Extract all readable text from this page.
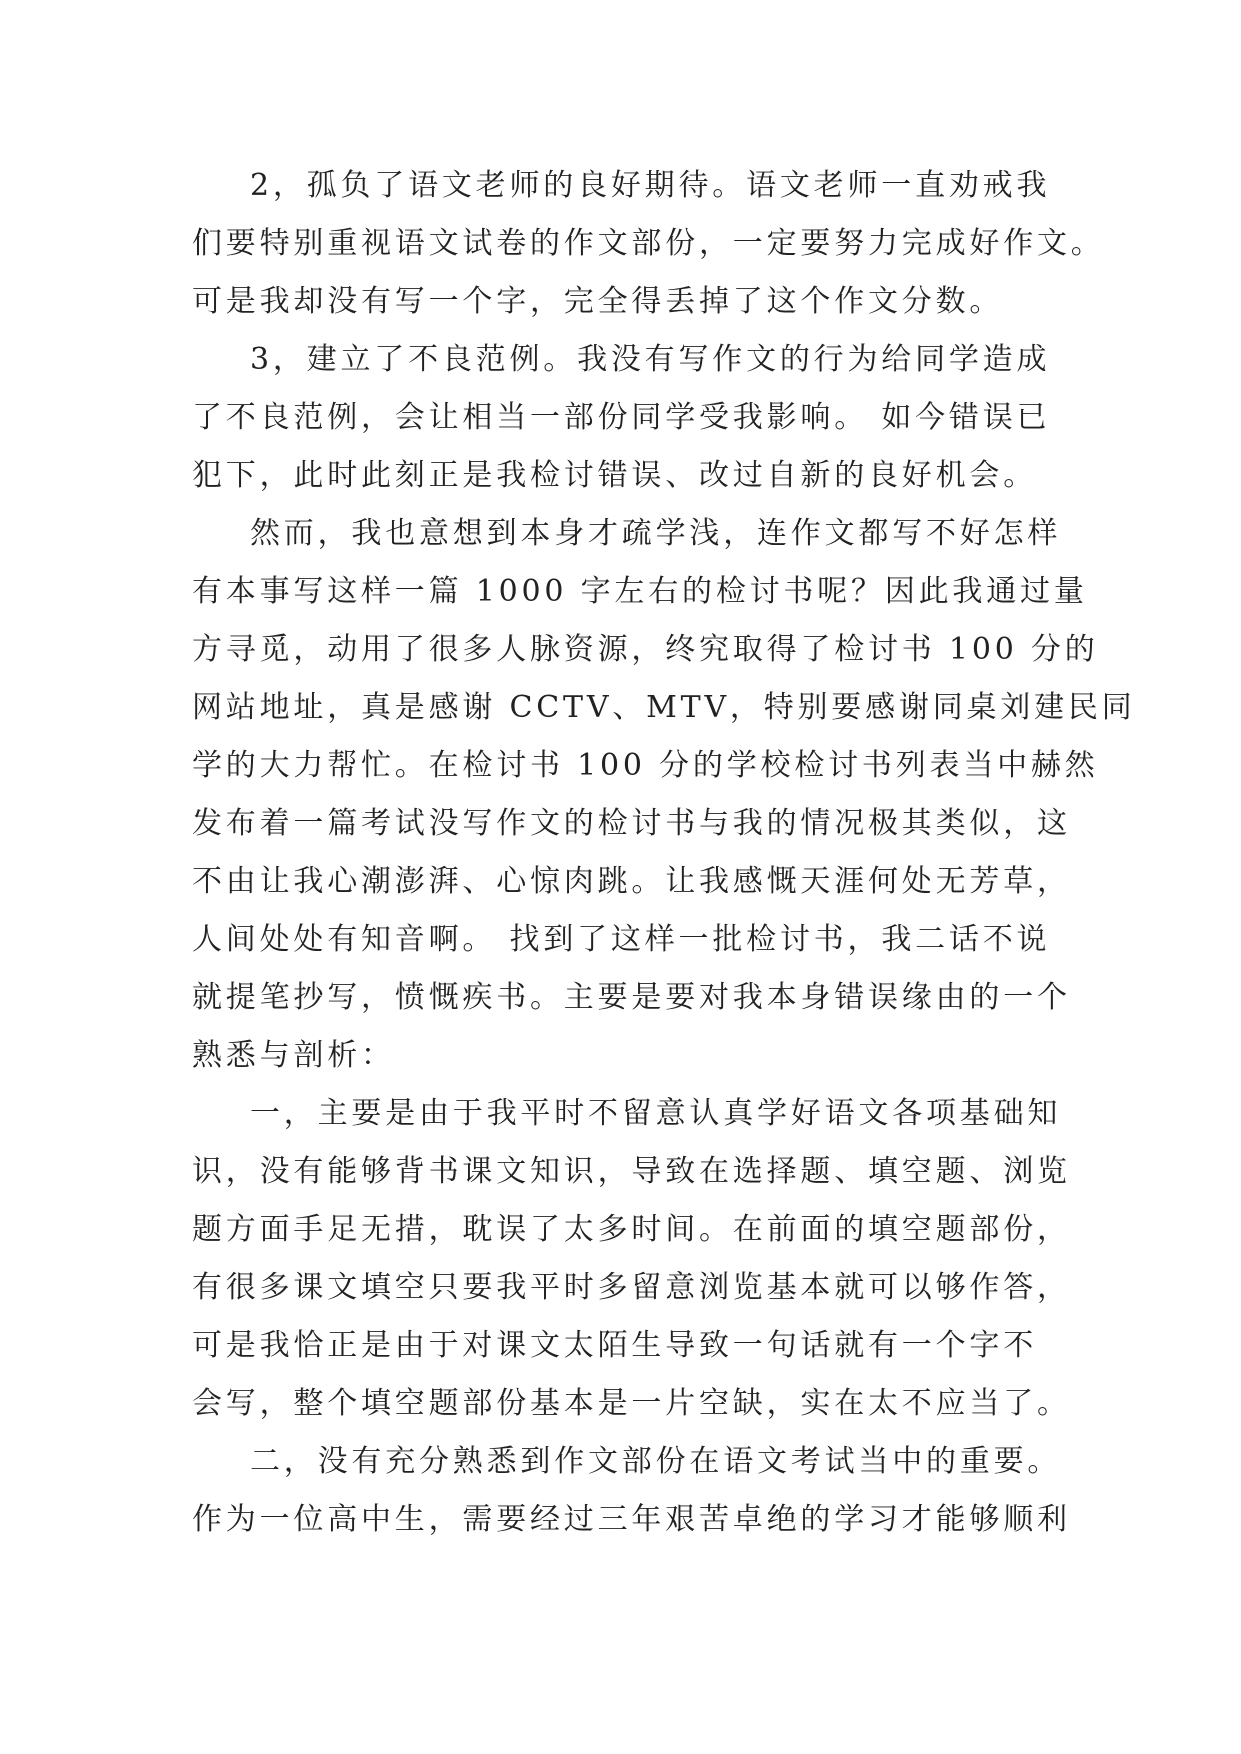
2，孤负了语文老师的良好期待。语文老师一直劝戒我
们要特别重视语文试卷的作文部份，一定要努力完成好作文。
可是我却没有写一个字，完全得丢掉了这个作文分数。
3，建立了不良范例。我没有写作文的行为给同学造成
了不良范例，会让相当一部份同学受我影响。 如今错误已
犯下，此时此刻正是我检讨错误、改过自新的良好机会。
然而，我也意想到本身才疏学浅，连作文都写不好怎样
有本事写这样一篇 1000 字左右的检讨书呢？因此我通过量
方寻觅，动用了很多人脉资源，终究取得了检讨书 100 分的
网站地址，真是感谢 CCTV、MTV，特别要感谢同桌刘建民同
学的大力帮忙。在检讨书 100 分的学校检讨书列表当中赫然
发布着一篇考试没写作文的检讨书与我的情况极其类似，这
不由让我心潮澎湃、心惊肉跳。让我感慨天涯何处无芳草，
人间处处有知音啊。 找到了这样一批检讨书，我二话不说
就提笔抄写，愤慨疾书。主要是要对我本身错误缘由的一个
熟悉与剖析：
一，主要是由于我平时不留意认真学好语文各项基础知
识，没有能够背书课文知识，导致在选择题、填空题、浏览
题方面手足无措，耽误了太多时间。在前面的填空题部份，
有很多课文填空只要我平时多留意浏览基本就可以够作答，
可是我恰正是由于对课文太陌生导致一句话就有一个字不
会写，整个填空题部份基本是一片空缺，实在太不应当了。
二，没有充分熟悉到作文部份在语文考试当中的重要。
作为一位高中生，需要经过三年艰苦卓绝的学习才能够顺利
